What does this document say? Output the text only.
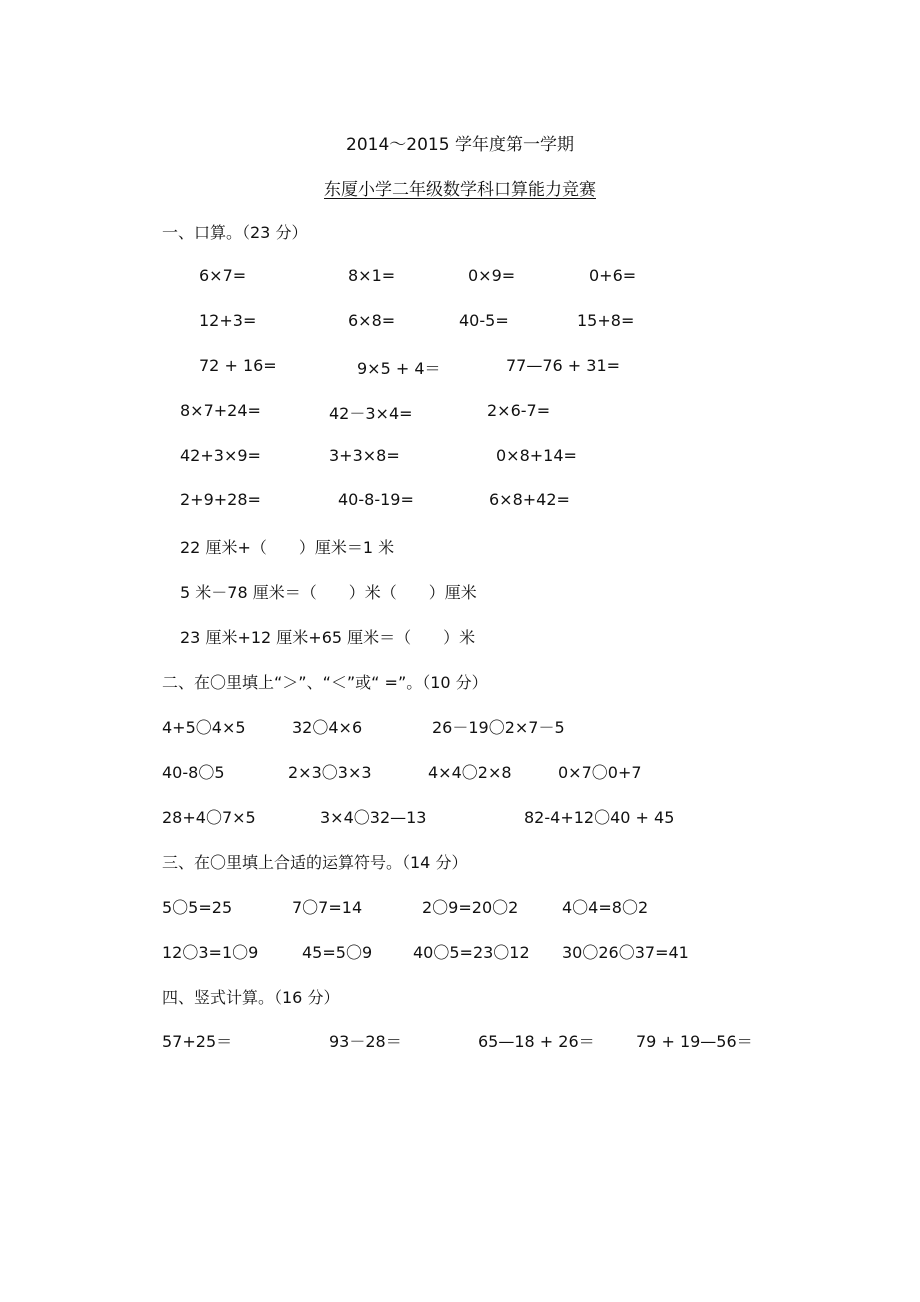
2014～2015 学年度第一学期
东厦小学二年级数学科口算能力竞赛
一、口算。（23 分）
6×7=	8×1=	0×9=	0+6=
12+3=	6×8=	40-5=	15+8=
72 + 16=	9×5 + 4＝	77—76 + 31=
8×7+24=	42－3×4=	2×6-7=
42+3×9=	3+3×8=	0×8+14=
2+9+28=	40-8-19=	6×8+42=
22 厘米+（　　）厘米＝1 米
5 米－78 厘米＝（　　）米（　　）厘米
23 厘米+12 厘米+65 厘米＝（　　）米
二、在〇里填上“＞”、“＜”或“ =”。（10 分）
4+5〇4×5	32〇4×6	26－19〇2×7－5
40-8〇5	2×3〇3×3	4×4〇2×8	0×7〇0+7
28+4〇7×5	3×4〇32—13	82-4+12〇40 + 45
三、在〇里填上合适的运算符号。（14 分）
5〇5=25	7〇7=14	2〇9=20〇2	4〇4=8〇2
12〇3=1〇9	45=5〇9	40〇5=23〇12 30〇26〇37=41
四、竖式计算。（16 分）
57+25＝	93－28＝	65—18 + 26＝	79 + 19—56＝
